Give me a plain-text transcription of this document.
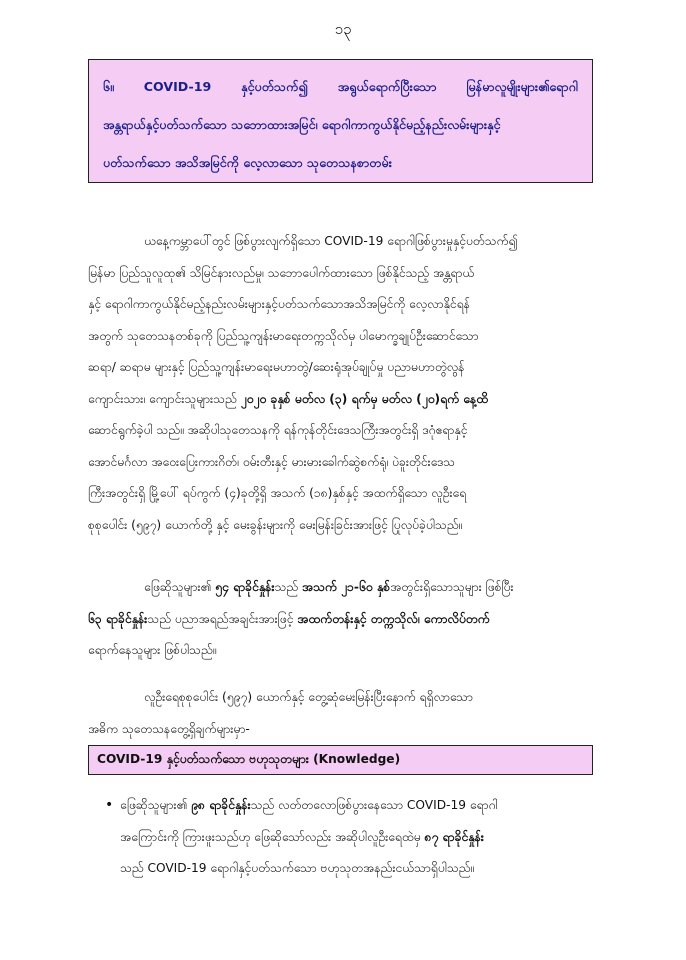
၁၃
၆။ COVID-19 နှင့်ပတ်သက်၍ အရွယ်ရောက်ပြီးသော မြန်မာလူမျိုးများ၏ရောဂါ
အန္တရာယ်နှင့်ပတ်သက်သော သဘောထားအမြင်၊ ရောဂါကာကွယ်နိုင်မည့်နည်းလမ်းများနှင့်
ပတ်သက်သော အသိအမြင်ကို လေ့လာသော သုတေသနစာတမ်း
ယနေ့ကမ္ဘာပေါ်တွင် ဖြစ်ပွားလျက်ရှိသော COVID-19 ရောဂါဖြစ်ပွားမှုနှင့်ပတ်သက်၍
မြန်မာ ပြည်သူလူထု၏ သိမြင်နားလည်မှု၊ သဘောပေါက်ထားသော ဖြစ်နိုင်သည့် အန္တရာယ်
နှင့် ရောဂါကာကွယ်နိုင်မည့်နည်းလမ်းများနှင့်ပတ်သက်သောအသိအမြင်ကို လေ့လာနိုင်ရန်
အတွက် သုတေသနတစ်ခုကို ပြည်သူ့ကျန်းမာရေးတက္ကသိုလ်မှ ပါမောက္ခချုပ်ဦးဆောင်သော
ဆရာ/ ဆရာမ များနှင့် ပြည်သူ့ကျန်းမာရေးမဟာတွဲ/ဆေးရုံအုပ်ချုပ်မှု ပညာမဟာတွဲလွန်
ကျောင်းသား၊ ကျောင်းသူများသည် ၂၀၂၀ ခုနှစ် မတ်လ (၃) ရက်မှ မတ်လ (၂၀)ရက် နေ့ထိ
ဆောင်ရွက်ခဲ့ပါ သည်။ အဆိုပါသုတေသနကို ရန်ကုန်တိုင်းဒေသကြီးအတွင်းရှိ ဒဂုံဧရာနှင့်
အောင်မင်္ဂလာ အဝေးပြေးကားဂိတ်၊ ဝမ်းတီးနှင့် မားမားခေါက်ဆွဲစက်ရုံ၊ ပဲခူးတိုင်းဒေသ
ကြီးအတွင်းရှိ မြို့ပေါ် ရပ်ကွက် (၄)ခုတို့ရှိ အသက် (၁၈)နှစ်နှင့် အထက်ရှိသော လူဦးရေ
စုစုပေါင်း (၅၉၇) ယောက်တို့ နှင့် မေးခွန်းများကို မေးမြန်းခြင်းအားဖြင့် ပြုလုပ်ခဲ့ပါသည်။
ဖြေဆိုသူများ၏ ၅၄ ရာခိုင်နှုန်းသည် အသက် ၂၁-၆၀ နှစ်အတွင်းရှိသောသူများ ဖြစ်ပြီး
၆၃ ရာခိုင်နှုန်းသည် ပညာအရည်အချင်းအားဖြင့် အထက်တန်းနှင့် တက္ကသိုလ်၊ ကောလိပ်တက်
ရောက်နေသူများ ဖြစ်ပါသည်။
လူဦးရေစုစုပေါင်း (၅၉၇) ယောက်နှင့် တွေ့ဆုံမေးမြန်းပြီးနောက် ရရှိလာသော
အဓိက သုတေသနတွေ့ရှိချက်များမှာ-
COVID-19 နှင့်ပတ်သက်သော ဗဟုသုတများ (Knowledge)
• ဖြေဆိုသူများ၏ ၉၈ ရာခိုင်နှုန်းသည် လတ်တလောဖြစ်ပွားနေသော COVID-19 ရောဂါ
အကြောင်းကို ကြားဖူးသည်ဟု ဖြေဆိုသော်လည်း အဆိုပါလူဦးရေထဲမှ ၈၇ ရာခိုင်နှုန်း
သည် COVID-19 ရောဂါနှင့်ပတ်သက်သော ဗဟုသုတအနည်းငယ်သာရှိပါသည်။
